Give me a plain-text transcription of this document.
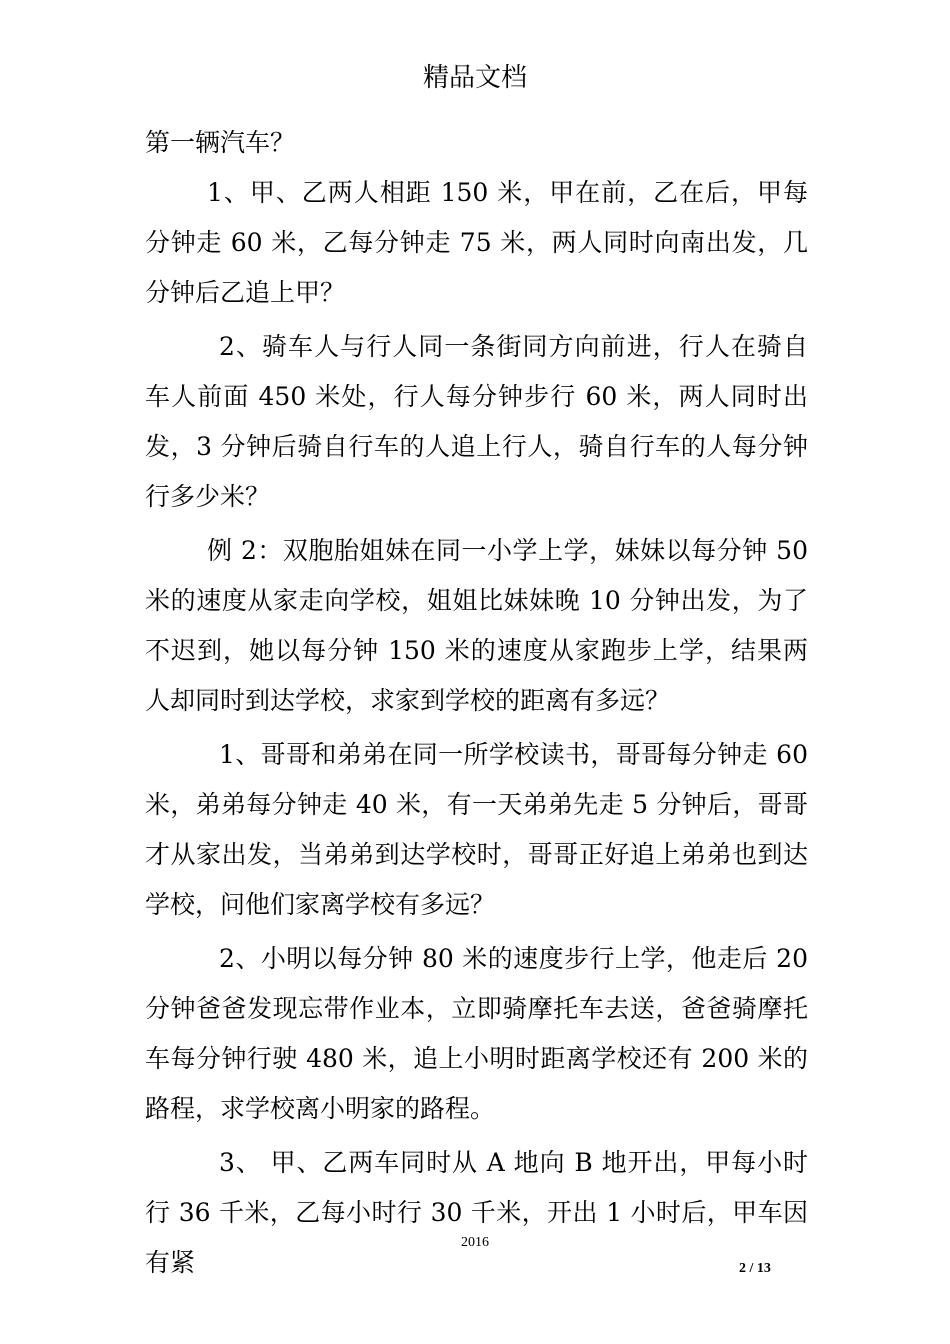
精品文档

第一辆汽车？

1、甲、乙两人相距 150 米，甲在前，乙在后，甲每分钟走 60 米，乙每分钟走 75 米，两人同时向南出发，几分钟后乙追上甲？

2、骑车人与行人同一条街同方向前进，行人在骑自车人前面 450 米处，行人每分钟步行 60 米，两人同时出发，3 分钟后骑自行车的人追上行人，骑自行车的人每分钟行多少米？

例 2：双胞胎姐妹在同一小学上学，妹妹以每分钟 50 米的速度从家走向学校，姐姐比妹妹晚 10 分钟出发，为了不迟到，她以每分钟 150 米的速度从家跑步上学，结果两人却同时到达学校，求家到学校的距离有多远？

1、哥哥和弟弟在同一所学校读书，哥哥每分钟走 60 米，弟弟每分钟走 40 米，有一天弟弟先走 5 分钟后，哥哥才从家出发，当弟弟到达学校时，哥哥正好追上弟弟也到达学校，问他们家离学校有多远？

2、小明以每分钟 80 米的速度步行上学，他走后 20 分钟爸爸发现忘带作业本，立即骑摩托车去送，爸爸骑摩托车每分钟行驶 480 米，追上小明时距离学校还有 200 米的路程，求学校离小明家的路程。

3、 甲、乙两车同时从 A 地向 B 地开出，甲每小时行 36 千米，乙每小时行 30 千米，开出 1 小时后，甲车因有紧

2016
2 / 13
